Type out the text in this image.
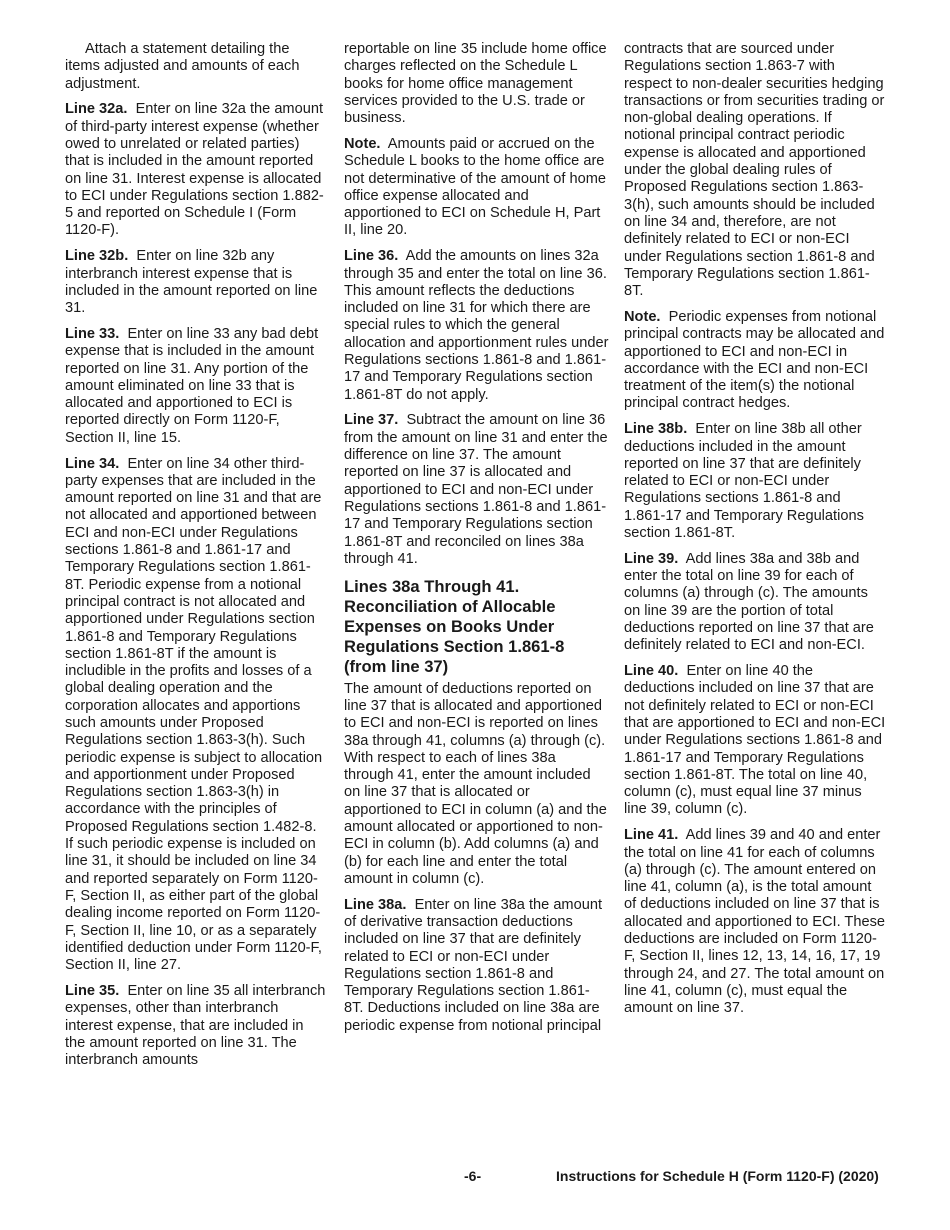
Attach a statement detailing the items adjusted and amounts of each adjustment.

Line 32a. Enter on line 32a the amount of third-party interest expense (whether owed to unrelated or related parties) that is included in the amount reported on line 31. Interest expense is allocated to ECI under Regulations section 1.882-5 and reported on Schedule I (Form 1120-F).

Line 32b. Enter on line 32b any interbranch interest expense that is included in the amount reported on line 31.

Line 33. Enter on line 33 any bad debt expense that is included in the amount reported on line 31. Any portion of the amount eliminated on line 33 that is allocated and apportioned to ECI is reported directly on Form 1120-F, Section II, line 15.

Line 34. Enter on line 34 other third-party expenses that are included in the amount reported on line 31 and that are not allocated and apportioned between ECI and non-ECI under Regulations sections 1.861-8 and 1.861-17 and Temporary Regulations section 1.861-8T. Periodic expense from a notional principal contract is not allocated and apportioned under Regulations section 1.861-8 and Temporary Regulations section 1.861-8T if the amount is includible in the profits and losses of a global dealing operation and the corporation allocates and apportions such amounts under Proposed Regulations section 1.863-3(h). Such periodic expense is subject to allocation and apportionment under Proposed Regulations section 1.863-3(h) in accordance with the principles of Proposed Regulations section 1.482-8. If such periodic expense is included on line 31, it should be included on line 34 and reported separately on Form 1120-F, Section II, as either part of the global dealing income reported on Form 1120-F, Section II, line 10, or as a separately identified deduction under Form 1120-F, Section II, line 27.

Line 35. Enter on line 35 all interbranch expenses, other than interbranch interest expense, that are included in the amount reported on line 31. The interbranch amounts

reportable on line 35 include home office charges reflected on the Schedule L books for home office management services provided to the U.S. trade or business.

Note. Amounts paid or accrued on the Schedule L books to the home office are not determinative of the amount of home office expense allocated and apportioned to ECI on Schedule H, Part II, line 20.

Line 36. Add the amounts on lines 32a through 35 and enter the total on line 36. This amount reflects the deductions included on line 31 for which there are special rules to which the general allocation and apportionment rules under Regulations sections 1.861-8 and 1.861-17 and Temporary Regulations section 1.861-8T do not apply.

Line 37. Subtract the amount on line 36 from the amount on line 31 and enter the difference on line 37. The amount reported on line 37 is allocated and apportioned to ECI and non-ECI under Regulations sections 1.861-8 and 1.861-17 and Temporary Regulations section 1.861-8T and reconciled on lines 38a through 41.

Lines 38a Through 41. Reconciliation of Allocable Expenses on Books Under Regulations Section 1.861-8 (from line 37)

The amount of deductions reported on line 37 that is allocated and apportioned to ECI and non-ECI is reported on lines 38a through 41, columns (a) through (c). With respect to each of lines 38a through 41, enter the amount included on line 37 that is allocated or apportioned to ECI in column (a) and the amount allocated or apportioned to non-ECI in column (b). Add columns (a) and (b) for each line and enter the total amount in column (c).

Line 38a. Enter on line 38a the amount of derivative transaction deductions included on line 37 that are definitely related to ECI or non-ECI under Regulations section 1.861-8 and Temporary Regulations section 1.861-8T. Deductions included on line 38a are periodic expense from notional principal

contracts that are sourced under Regulations section 1.863-7 with respect to non-dealer securities hedging transactions or from securities trading or non-global dealing operations. If notional principal contract periodic expense is allocated and apportioned under the global dealing rules of Proposed Regulations section 1.863-3(h), such amounts should be included on line 34 and, therefore, are not definitely related to ECI or non-ECI under Regulations section 1.861-8 and Temporary Regulations section 1.861-8T.

Note. Periodic expenses from notional principal contracts may be allocated and apportioned to ECI and non-ECI in accordance with the ECI and non-ECI treatment of the item(s) the notional principal contract hedges.

Line 38b. Enter on line 38b all other deductions included in the amount reported on line 37 that are definitely related to ECI or non-ECI under Regulations sections 1.861-8 and 1.861-17 and Temporary Regulations section 1.861-8T.

Line 39. Add lines 38a and 38b and enter the total on line 39 for each of columns (a) through (c). The amounts on line 39 are the portion of total deductions reported on line 37 that are definitely related to ECI and non-ECI.

Line 40. Enter on line 40 the deductions included on line 37 that are not definitely related to ECI or non-ECI that are apportioned to ECI and non-ECI under Regulations sections 1.861-8 and 1.861-17 and Temporary Regulations section 1.861-8T. The total on line 40, column (c), must equal line 37 minus line 39, column (c).

Line 41. Add lines 39 and 40 and enter the total on line 41 for each of columns (a) through (c). The amount entered on line 41, column (a), is the total amount of deductions included on line 37 that is allocated and apportioned to ECI. These deductions are included on Form 1120-F, Section II, lines 12, 13, 14, 16, 17, 19 through 24, and 27. The total amount on line 41, column (c), must equal the amount on line 37.

-6-	Instructions for Schedule H (Form 1120-F) (2020)
